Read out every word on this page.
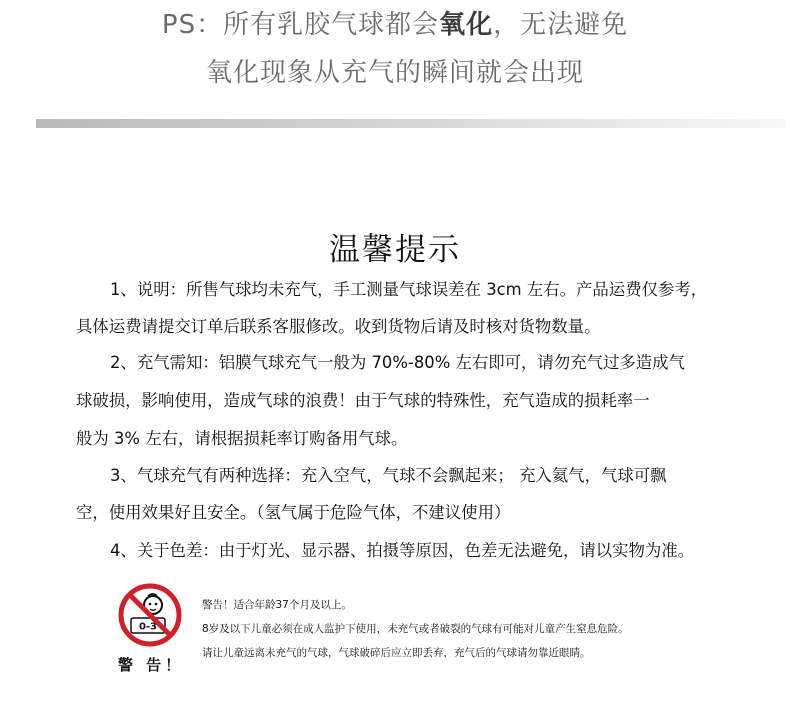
PS：所有乳胶气球都会氧化，无法避免
氧化现象从充气的瞬间就会出现
温馨提示
1、说明：所售气球均未充气，手工测量气球误差在 3cm 左右。产品运费仅参考，
具体运费请提交订单后联系客服修改。收到货物后请及时核对货物数量。
2、充气需知：铝膜气球充气一般为 70%-80% 左右即可，请勿充气过多造成气
球破损，影响使用，造成气球的浪费！由于气球的特殊性，充气造成的损耗率一
般为 3% 左右，请根据损耗率订购备用气球。
3、气球充气有两种选择：充入空气，气球不会飘起来； 充入氦气，气球可飘
空，使用效果好且安全。（氢气属于危险气体，不建议使用）
4、关于色差：由于灯光、显示器、拍摄等原因，色差无法避免，请以实物为准。
0-3
警 告！
警告！适合年龄37个月及以上。
8岁及以下儿童必须在成人监护下使用，未充气或者破裂的气球有可能对儿童产生窒息危险。
请让儿童远离未充气的气球，气球破碎后应立即丢弃，充气后的气球请勿靠近眼睛。
